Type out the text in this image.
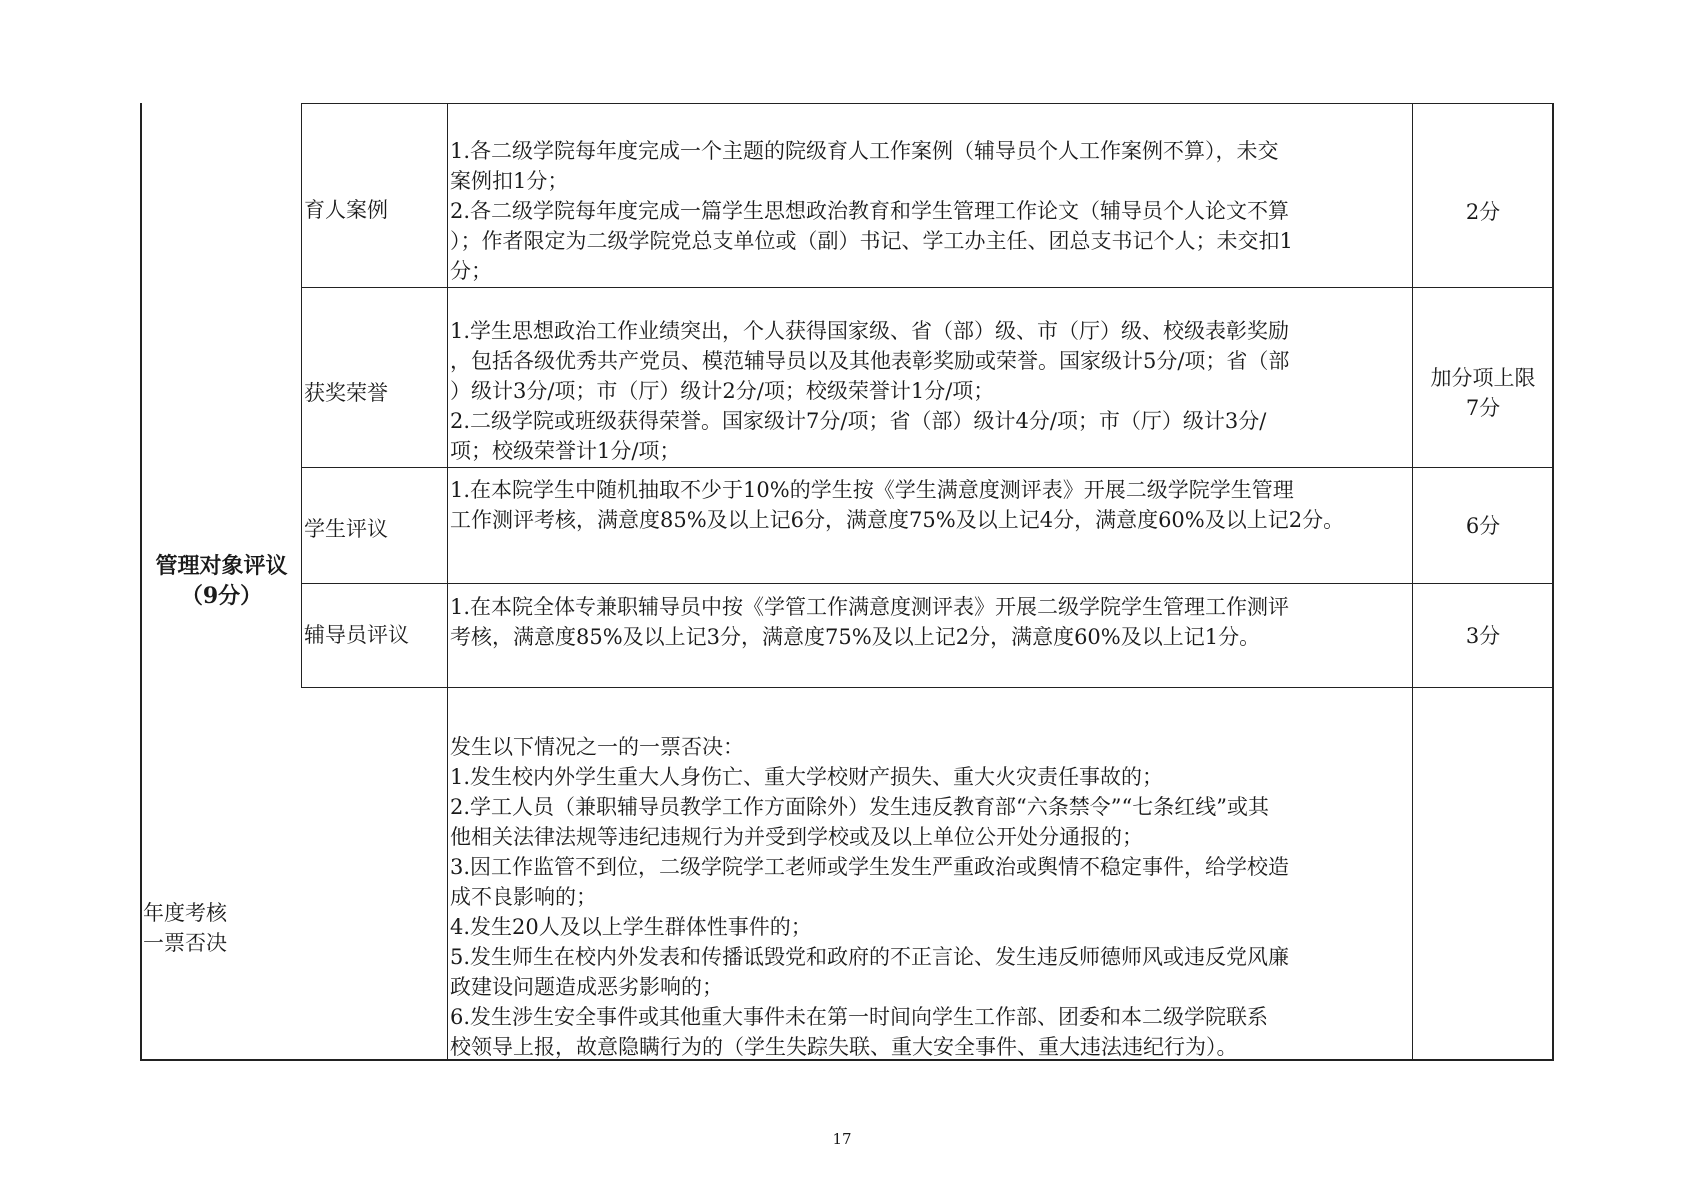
管理对象评议
（9分）
育人案例

1.各二级学院每年度完成一个主题的院级育人工作案例（辅导员个人工作案例不算），未交

案例扣1分；

2.各二级学院每年度完成一篇学生思想政治教育和学生管理工作论文（辅导员个人论文不算

）；作者限定为二级学院党总支单位或（副）书记、学工办主任、团总支书记个人；未交扣1

分；

2分
获奖荣誉

1.学生思想政治工作业绩突出，个人获得国家级、省（部）级、市（厅）级、校级表彰奖励

，包括各级优秀共产党员、模范辅导员以及其他表彰奖励或荣誉。国家级计5分/项；省（部

）级计3分/项；市（厅）级计2分/项；校级荣誉计1分/项；

2.二级学院或班级获得荣誉。国家级计7分/项；省（部）级计4分/项；市（厅）级计3分/

项；校级荣誉计1分/项；

加分项上限
7分
学生评议

1.在本院学生中随机抽取不少于10%的学生按《学生满意度测评表》开展二级学院学生管理

工作测评考核，满意度85%及以上记6分，满意度75%及以上记4分，满意度60%及以上记2分。	6分
辅导员评议

1.在本院全体专兼职辅导员中按《学管工作满意度测评表》开展二级学院学生管理工作测评

考核，满意度85%及以上记3分，满意度75%及以上记2分，满意度60%及以上记1分。	3分
年度考核
一票否决

发生以下情况之一的一票否决：

1.发生校内外学生重大人身伤亡、重大学校财产损失、重大火灾责任事故的；

2.学工人员（兼职辅导员教学工作方面除外）发生违反教育部“六条禁令”“七条红线”或其

他相关法律法规等违纪违规行为并受到学校或及以上单位公开处分通报的；

3.因工作监管不到位，二级学院学工老师或学生发生严重政治或舆情不稳定事件，给学校造

成不良影响的；

4.发生20人及以上学生群体性事件的；

5.发生师生在校内外发表和传播诋毁党和政府的不正言论、发生违反师德师风或违反党风廉

政建设问题造成恶劣影响的；

6.发生涉生安全事件或其他重大事件未在第一时间向学生工作部、团委和本二级学院联系

校领导上报，故意隐瞒行为的（学生失踪失联、重大安全事件、重大违法违纪行为）。

17
